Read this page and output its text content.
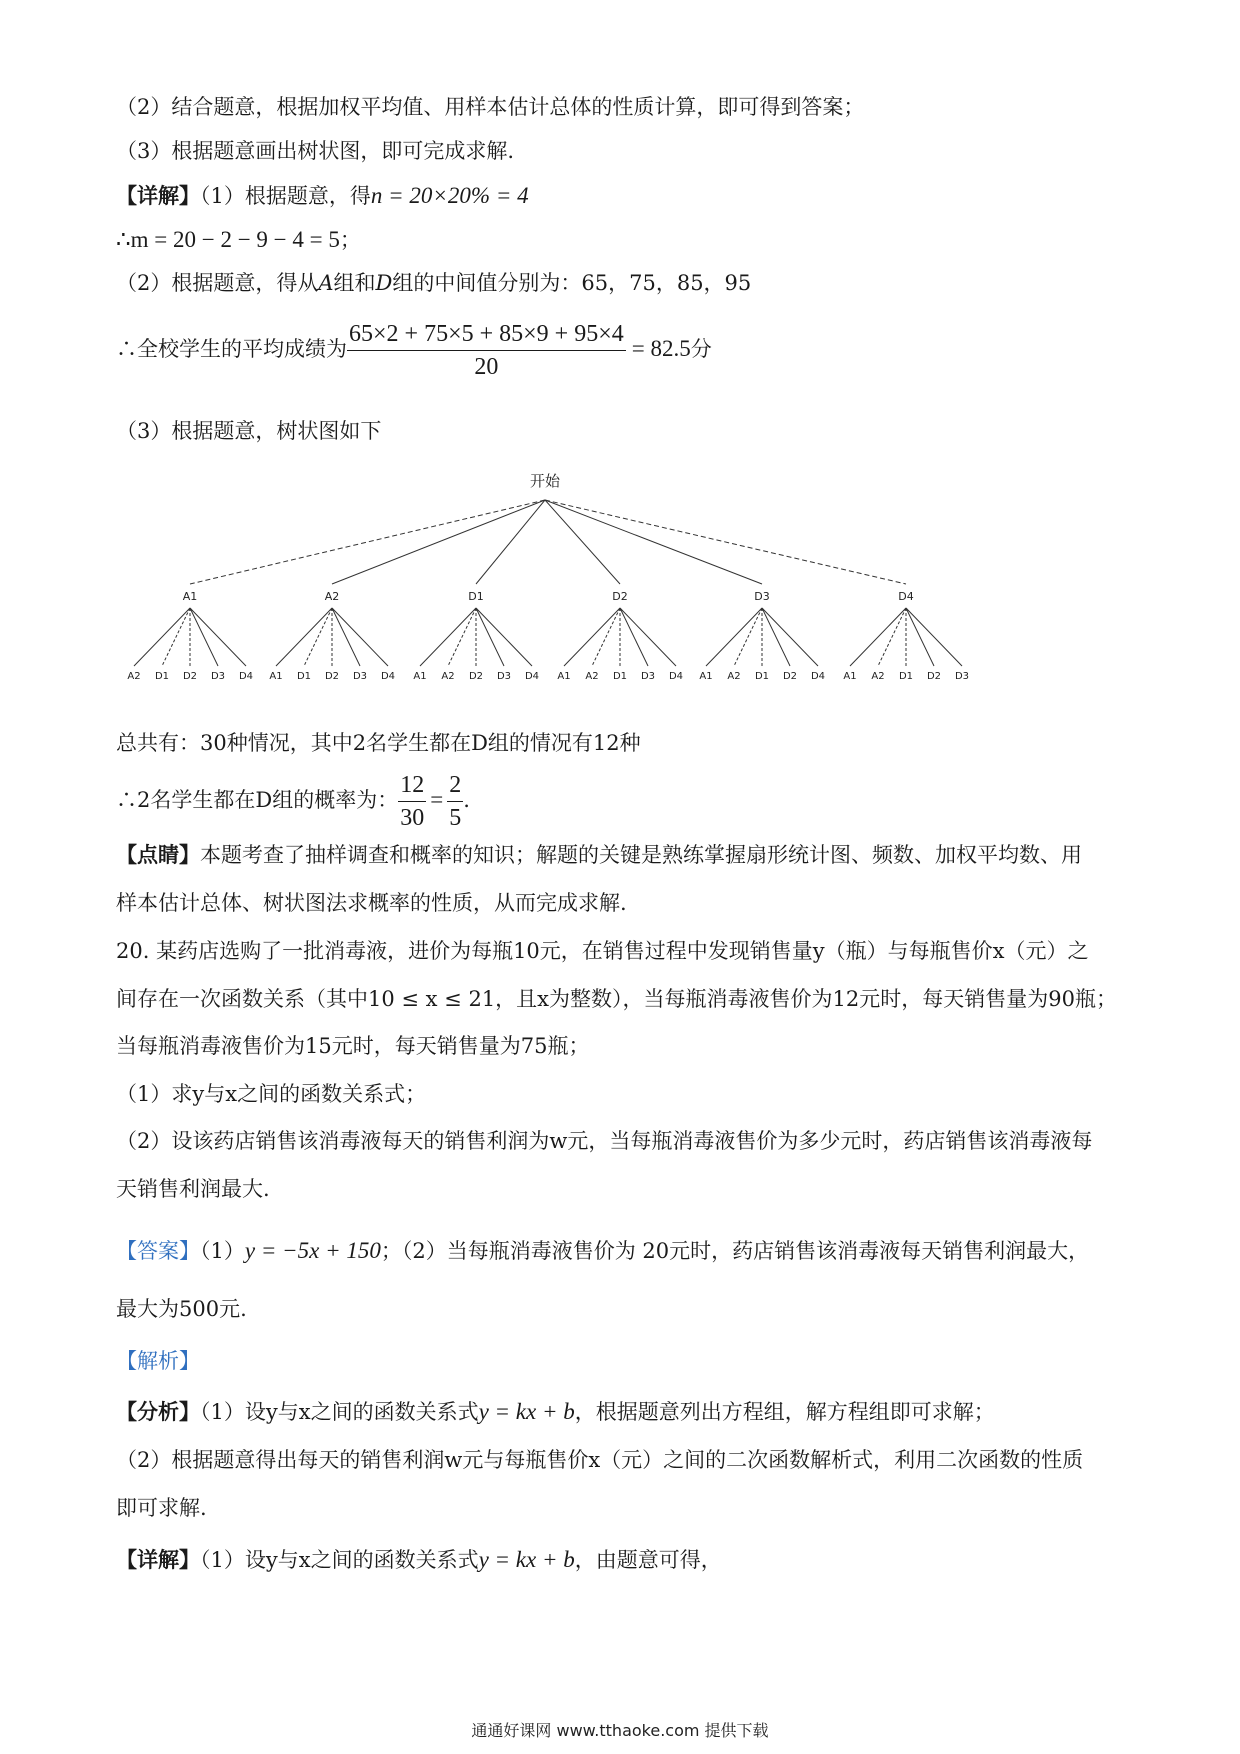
（2）结合题意，根据加权平均值、用样本估计总体的性质计算，即可得到答案；
（3）根据题意画出树状图，即可完成求解.
【详解】（1）根据题意，得n = 20×20% = 4
∴m = 20 − 2 − 9 − 4 = 5；
（2）根据题意，得从A组和D组的中间值分别为：65，75，85，95
∴全校学生的平均成绩为 $\frac{65\times 2 + 75\times 5 + 85\times 9 + 95\times 4}{20} = 82.5$分
（3）根据题意，树状图如下
开始
A1
A2 D1 D2 D3 D4
A2
A1 D1 D2 D3 D4
D1
A1 A2 D2 D3 D4
D2
A1 A2 D1 D3 D4
D3
A1 A2 D1 D2 D4
D4
A1 A2 D1 D2 D3
总共有：30种情况，其中2名学生都在D组的情况有12种
∴2名学生都在D组的概率为： $\frac{12}{30} = \frac{2}{5}$ .
【点睛】本题考查了抽样调查和概率的知识；解题的关键是熟练掌握扇形统计图、频数、加权平均数、用
样本估计总体、树状图法求概率的性质，从而完成求解.
20. 某药店选购了一批消毒液，进价为每瓶10元，在销售过程中发现销售量y（瓶）与每瓶售价x（元）之
间存在一次函数关系（其中10 ≤ x ≤ 21，且x为整数），当每瓶消毒液售价为12元时，每天销售量为90瓶；
当每瓶消毒液售价为15元时，每天销售量为75瓶；
（1）求y与x之间的函数关系式；
（2）设该药店销售该消毒液每天的销售利润为w元，当每瓶消毒液售价为多少元时，药店销售该消毒液每
天销售利润最大.
【答案】（1）y = −5x + 150；（2）当每瓶消毒液售价为 20元时，药店销售该消毒液每天销售利润最大，
最大为500元.
【解析】
【分析】（1）设y与x之间的函数关系式y = kx + b，根据题意列出方程组，解方程组即可求解；
（2）根据题意得出每天的销售利润w元与每瓶售价x（元）之间的二次函数解析式，利用二次函数的性质
即可求解.
【详解】（1）设y与x之间的函数关系式y = kx + b，由题意可得，
通通好课网 www.tthaoke.com 提供下载
